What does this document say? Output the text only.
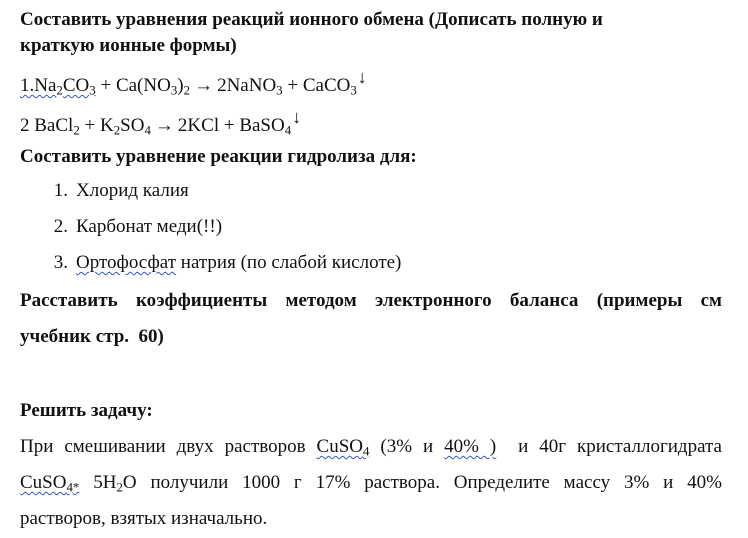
Составить уравнения реакций ионного обмена (Дописать полную и
краткую ионные формы)
$1.Na_2CO_3 + Ca(NO_3)_2$ → 2NaNO$_3$ + CaCO$_3$↓
2 BaCl$_2$ + $K_2SO_4 \to 2KCl$ + BaSO$_4$↓
Составить уравнение реакции гидролиза для:
1. Хлорид калия
2. Карбонат меди(!!)
3. Ортофосфат натрия (по слабой кислоте)
Расставить коэффициенты методом электронного баланса (примеры см
учебник стр.  60)
Решить задачу:
При смешивании двух растворов CuSO$_4$ (3% и 40% )  и 40г кристаллогидрата
CuSO$_{4*}$ $5H_2O$ получили 1000 г 17% раствора. Определите массу 3% и 40%
растворов, взятых изначально.
